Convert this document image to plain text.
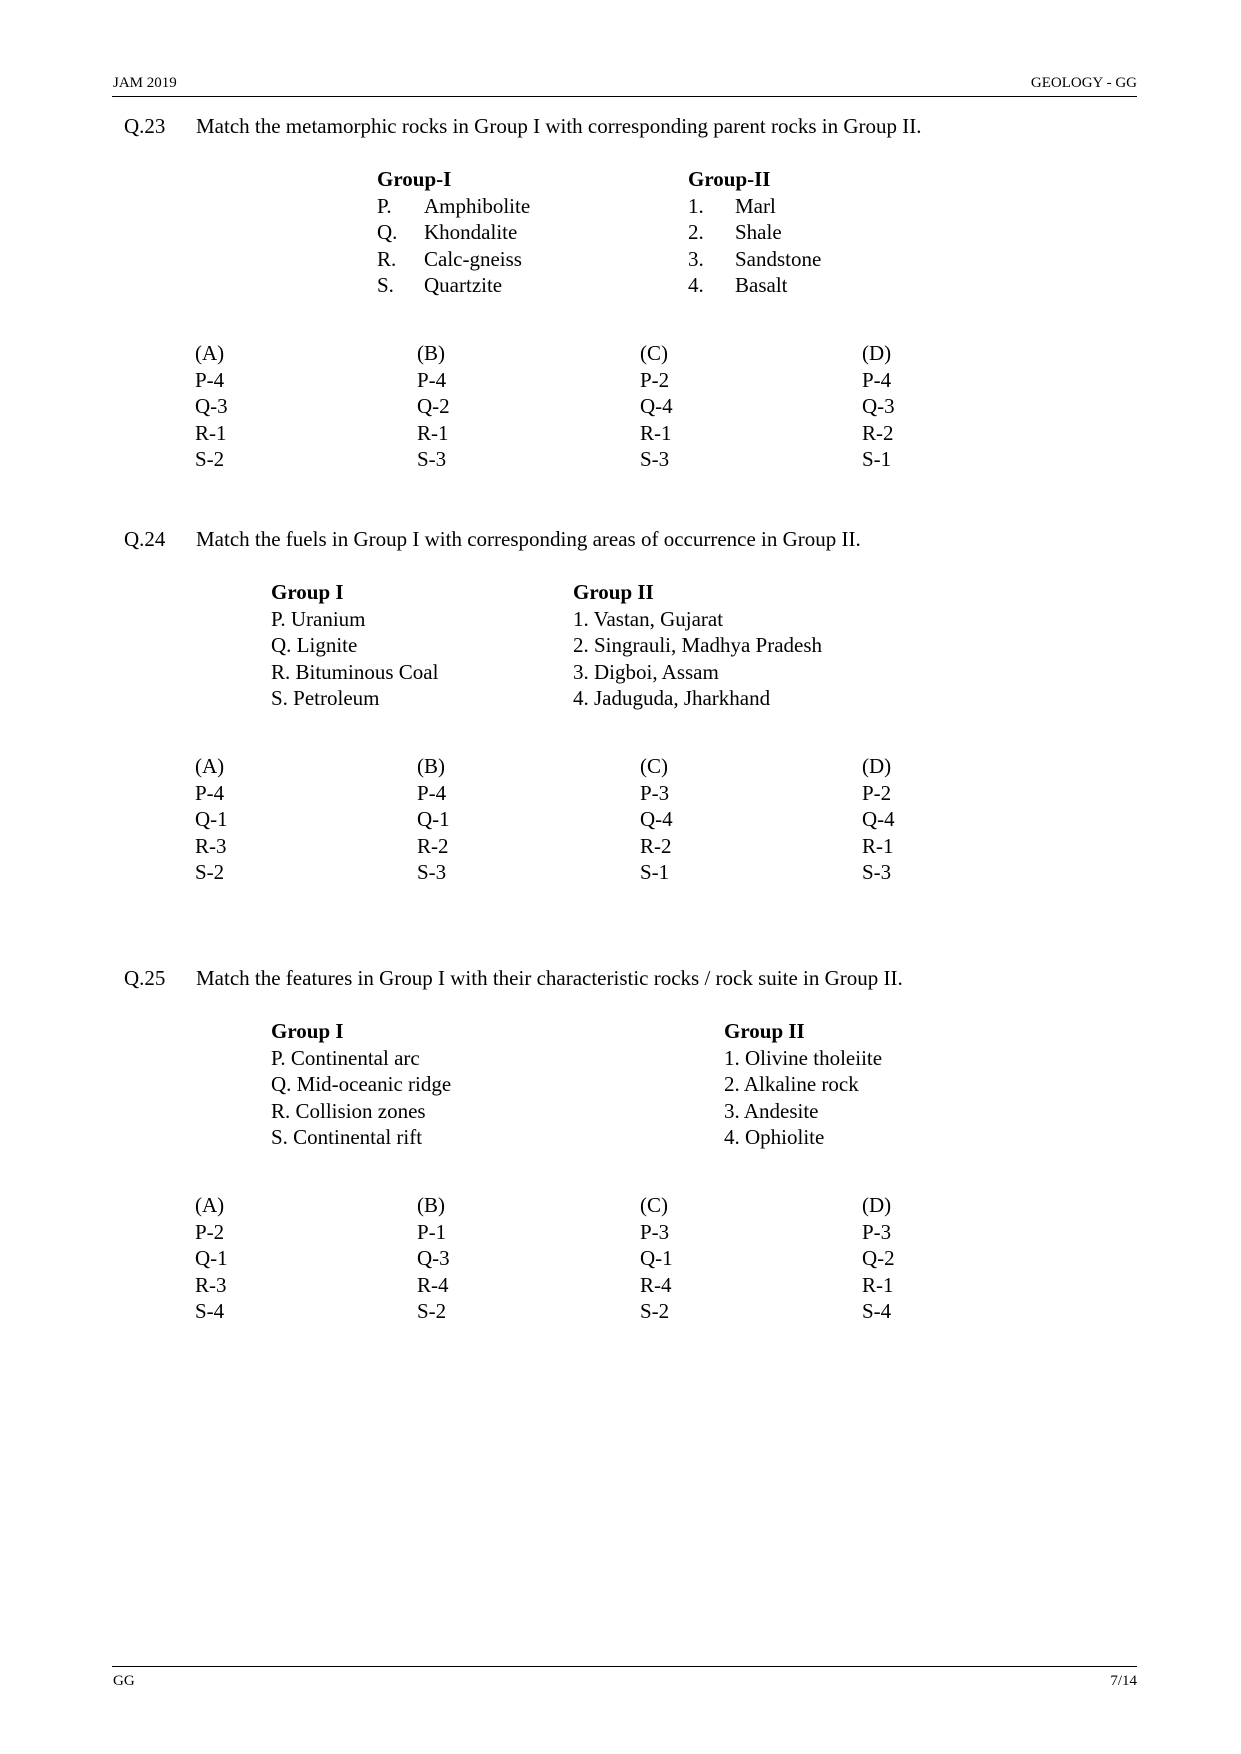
JAM 2019	GEOLOGY - GG
Q.23 Match the metamorphic rocks in Group I with corresponding parent rocks in Group II.
Group-I
P. Amphibolite
Q. Khondalite
R. Calc-gneiss
S. Quartzite
Group-II
1. Marl
2. Shale
3. Sandstone
4. Basalt
(A)
P-4
Q-3
R-1
S-2
(B)
P-4
Q-2
R-1
S-3
(C)
P-2
Q-4
R-1
S-3
(D)
P-4
Q-3
R-2
S-1
Q.24 Match the fuels in Group I with corresponding areas of occurrence in Group II.
Group I
P. Uranium
Q. Lignite
R. Bituminous Coal
S. Petroleum
Group II
1. Vastan, Gujarat
2. Singrauli, Madhya Pradesh
3. Digboi, Assam
4. Jaduguda, Jharkhand
(A)
P-4
Q-1
R-3
S-2
(B)
P-4
Q-1
R-2
S-3
(C)
P-3
Q-4
R-2
S-1
(D)
P-2
Q-4
R-1
S-3
Q.25 Match the features in Group I with their characteristic rocks / rock suite in Group II.
Group I
P. Continental arc
Q. Mid-oceanic ridge
R. Collision zones
S. Continental rift
Group II
1. Olivine tholeiite
2. Alkaline rock
3. Andesite
4. Ophiolite
(A)
P-2
Q-1
R-3
S-4
(B)
P-1
Q-3
R-4
S-2
(C)
P-3
Q-1
R-4
S-2
(D)
P-3
Q-2
R-1
S-4
GG	7/14
